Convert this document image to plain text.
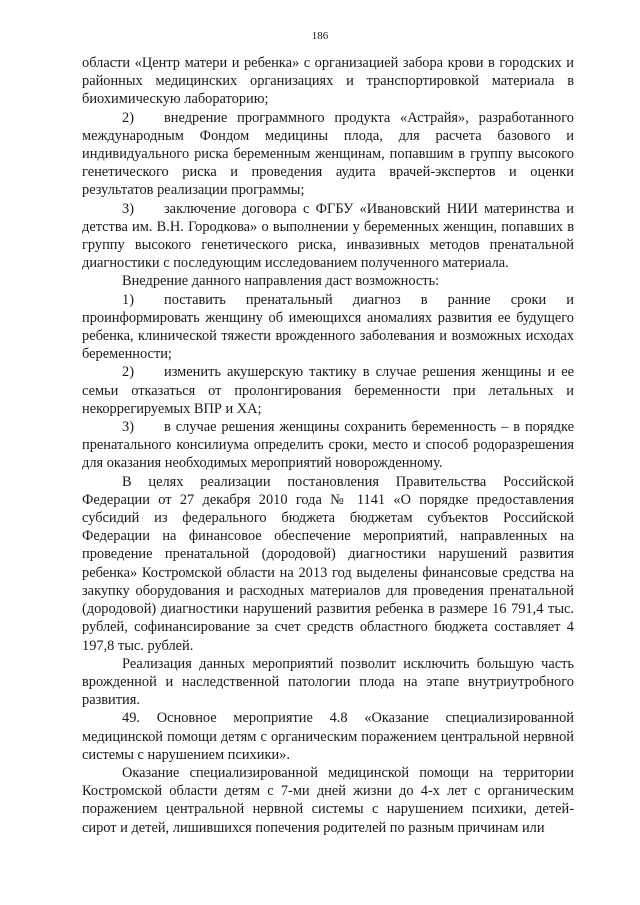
186

области «Центр матери и ребенка» с организацией забора крови в городских и районных медицинских организациях и транспортировкой материала в биохимическую лабораторию;

2) внедрение программного продукта «Астрайя», разработанного международным Фондом медицины плода, для расчета базового и индивидуального риска беременным женщинам, попавшим в группу высокого генетического риска и проведения аудита врачей-экспертов и оценки результатов реализации программы;

3) заключение договора с ФГБУ «Ивановский НИИ материнства и детства им. В.Н. Городкова» о выполнении у беременных женщин, попавших в группу высокого генетического риска, инвазивных методов пренатальной диагностики с последующим исследованием полученного материала.

Внедрение данного направления даст возможность:

1) поставить пренатальный диагноз в ранние сроки и проинформировать женщину об имеющихся аномалиях развития ее будущего ребенка, клинической тяжести врожденного заболевания и возможных исходах беременности;

2) изменить акушерскую тактику в случае решения женщины и ее семьи отказаться от пролонгирования беременности при летальных и некоррегируемых ВПР и ХА;

3) в случае решения женщины сохранить беременность – в порядке пренатального консилиума определить сроки, место и способ родоразрешения для оказания необходимых мероприятий новорожденному.

В целях реализации постановления Правительства Российской Федерации от 27 декабря 2010 года № 1141 «О порядке предоставления субсидий из федерального бюджета бюджетам субъектов Российской Федерации на финансовое обеспечение мероприятий, направленных на проведение пренатальной (дородовой) диагностики нарушений развития ребенка» Костромской области на 2013 год выделены финансовые средства на закупку оборудования и расходных материалов для проведения пренатальной (дородовой) диагностики нарушений развития ребенка в размере 16 791,4 тыс. рублей, софинансирование за счет средств областного бюджета составляет 4 197,8 тыс. рублей.

Реализация данных мероприятий позволит исключить большую часть врожденной и наследственной патологии плода на этапе внутриутробного развития.

49. Основное мероприятие 4.8 «Оказание специализированной медицинской помощи детям с органическим поражением центральной нервной системы с нарушением психики».

Оказание специализированной медицинской помощи на территории Костромской области детям с 7-ми дней жизни до 4-х лет с органическим поражением центральной нервной системы с нарушением психики, детей-сирот и детей, лишившихся попечения родителей по разным причинам или
